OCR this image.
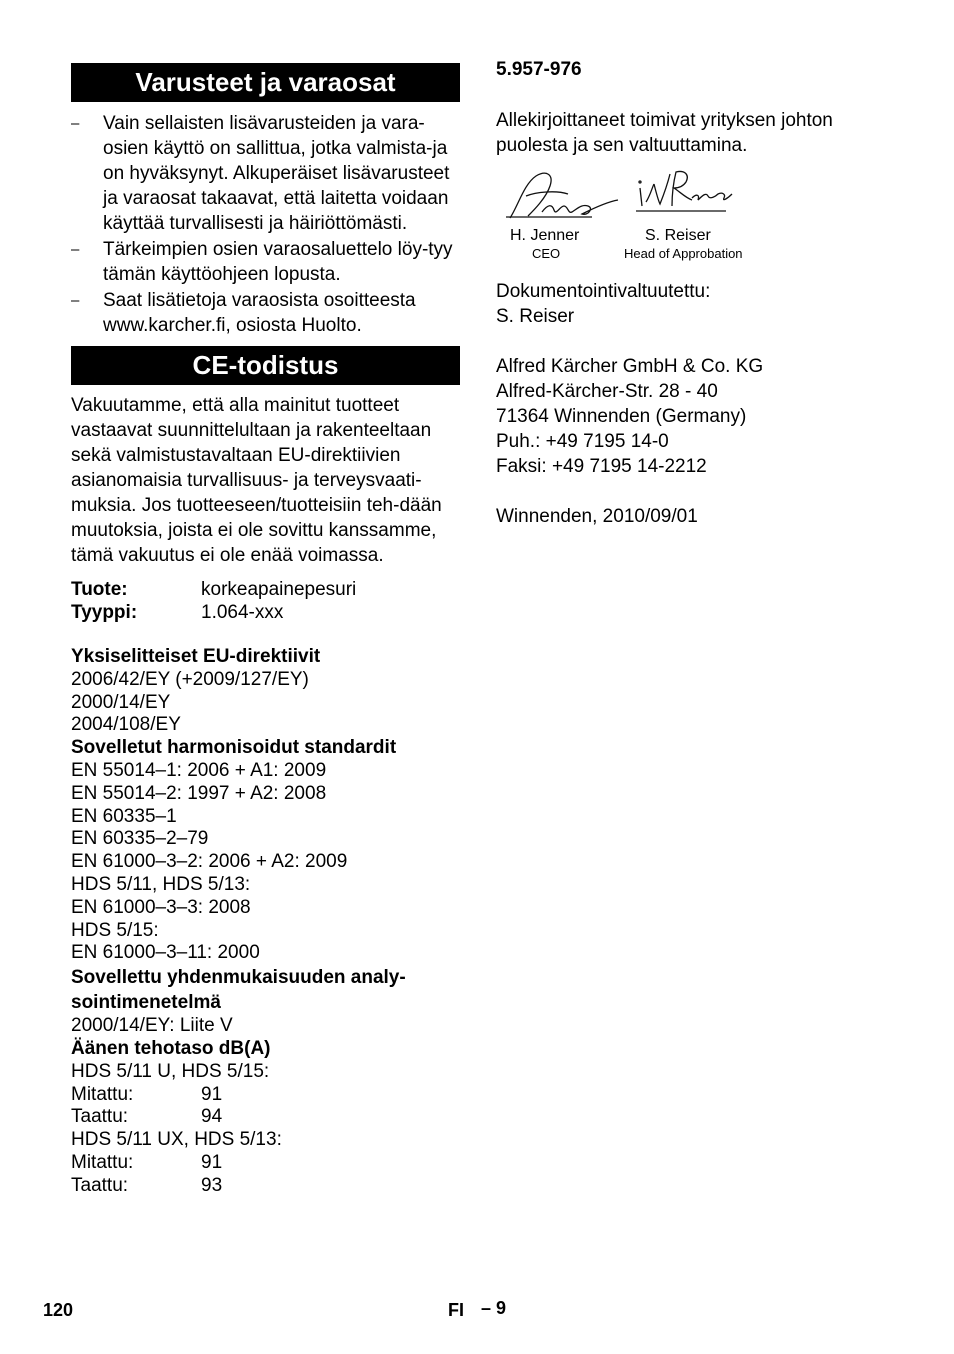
Varusteet ja varaosat
– Vain sellaisten lisävarusteiden ja vara-osien käyttö on sallittua, jotka valmista-ja on hyväksynyt. Alkuperäiset lisävarusteet ja varaosat takaavat, että laitetta voidaan käyttää turvallisesti ja häiriöttömästi.
– Tärkeimpien osien varaosaluettelo löy-tyy tämän käyttöohjeen lopusta.
– Saat lisätietoja varaosista osoitteesta www.karcher.fi, osiosta Huolto.
CE-todistus

Vakuutamme, että alla mainitut tuotteet vastaavat suunnittelultaan ja rakenteeltaan sekä valmistustavaltaan EU-direktiivien asianomaisia turvallisuus- ja terveysvaati-muksia. Jos tuotteeseen/tuotteisiin teh-dään muutoksia, joista ei ole sovittu kanssamme, tämä vakuutus ei ole enää voimassa.

Tuote:	korkeapainepesuri
Tyyppi:	1.064-xxx
Yksiselitteiset EU-direktiivit
2006/42/EY (+2009/127/EY)
2000/14/EY
2004/108/EY
Sovelletut harmonisoidut standardit
EN 55014–1: 2006 + A1: 2009
EN 55014–2: 1997 + A2: 2008
EN 60335–1
EN 60335–2–79
EN 61000–3–2: 2006 + A2: 2009
HDS 5/11, HDS 5/13:
EN 61000–3–3: 2008
HDS 5/15:
EN 61000–3–11: 2000
Sovellettu yhdenmukaisuuden analy-
sointimenetelmä
2000/14/EY: Liite V
Äänen tehotaso dB(A)
HDS 5/11 U, HDS 5/15:
Mitattu:	91
Taattu:	94
HDS 5/11 UX, HDS 5/13:
Mitattu:	91
Taattu:	93
5.957-976

Allekirjoittaneet toimivat yrityksen johton puolesta ja sen valtuuttamina.

H. Jenner
CEO
S. Reiser
Head of Approbation
Dokumentointivaltuutettu:
S. Reiser
Alfred Kärcher GmbH & Co. KG
Alfred-Kärcher-Str. 28 - 40
71364 Winnenden (Germany)
Puh.: +49 7195 14-0
Faksi: +49 7195 14-2212
Winnenden, 2010/09/01
120	FI – 9
